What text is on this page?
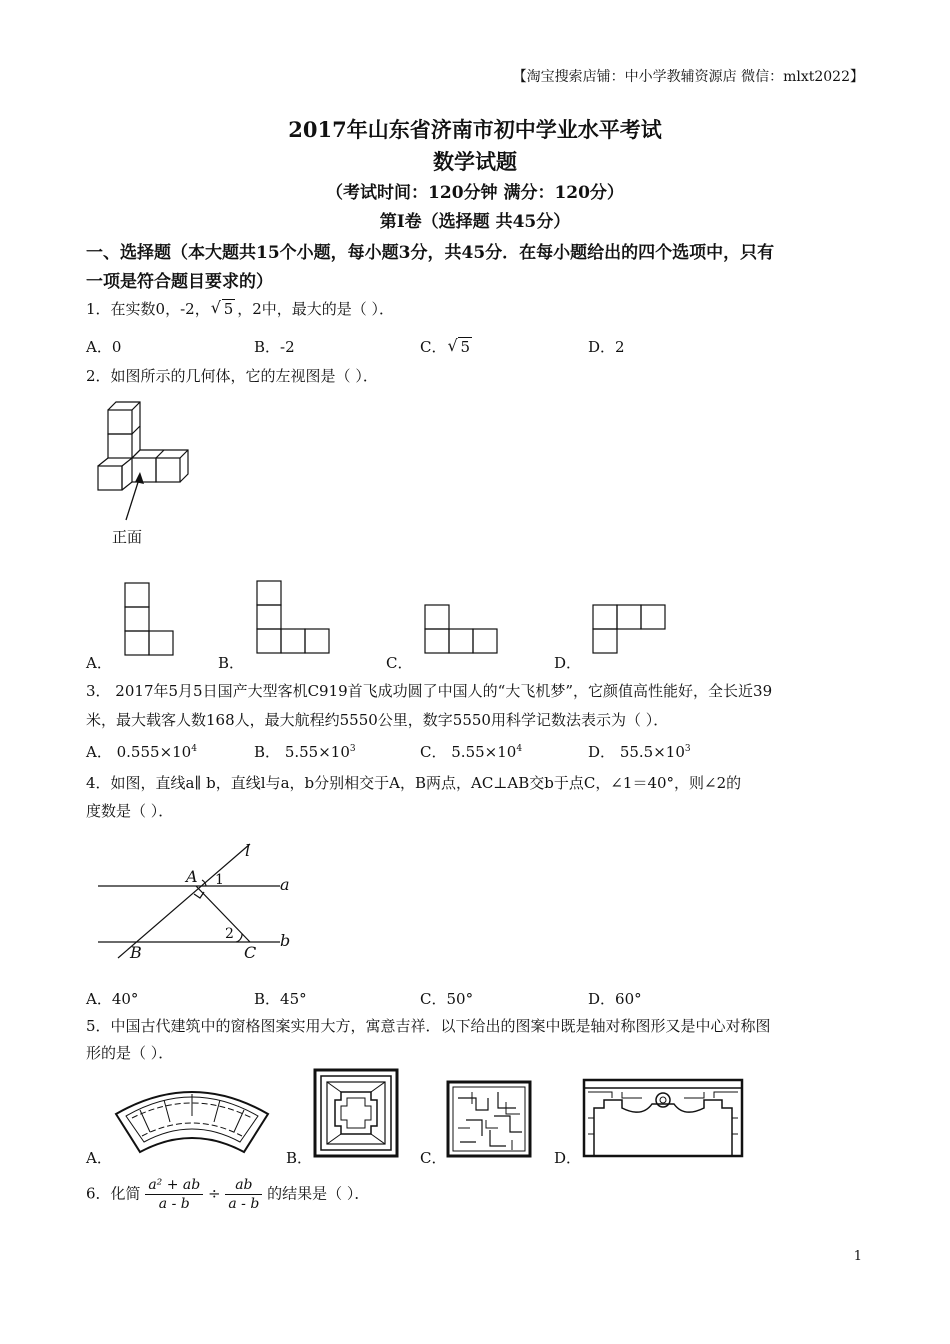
【淘宝搜索店铺：中小学教辅资源店 微信：mlxt2022】
2017年山东省济南市初中学业水平考试
数学试题
（考试时间：120分钟 满分：120分）
第Ⅰ卷（选择题 共45分）
一、选择题（本大题共15个小题，每小题3分，共45分．在每小题给出的四个选项中，只有
一项是符合题目要求的）
1．在实数0，-2， √ 5 ，2中，最大的是（ ）．
A．0	B．-2	C． √ 5	D．2
2．如图所示的几何体，它的左视图是（ ）．
正面
A．	B．	C．	D．
3． 2017年5月5日国产大型客机C919首飞成功圆了中国人的“大飞机梦”，它颜值高性能好，全长近39
米，最大载客人数168人，最大航程约5550公里，数字5550用科学记数法表示为（ ）．
A． $0.555\times 10^4$	B． $5.55\times 10^3$	C． $5.55\times 10^4$	D． $55.5\times 10^3$
4．如图，直线a∥ b，直线l与a，b分别相交于A，B两点，AC⊥AB交b于点C，∠1＝40°，则∠2的
度数是（ ）．
l
A 1	a
B
2
C
b
A．40°	B．45°	C．50°	D．60°
5．中国古代建筑中的窗格图案实用大方，寓意吉祥．以下给出的图案中既是轴对称图形又是中心对称图
形的是（ ）．
A．	B．	C．	D．
6．化简 $\frac{\text{a² + ab}}{a - b} \div \frac{ab}{a - b}$ 的结果是（ ）．
1
